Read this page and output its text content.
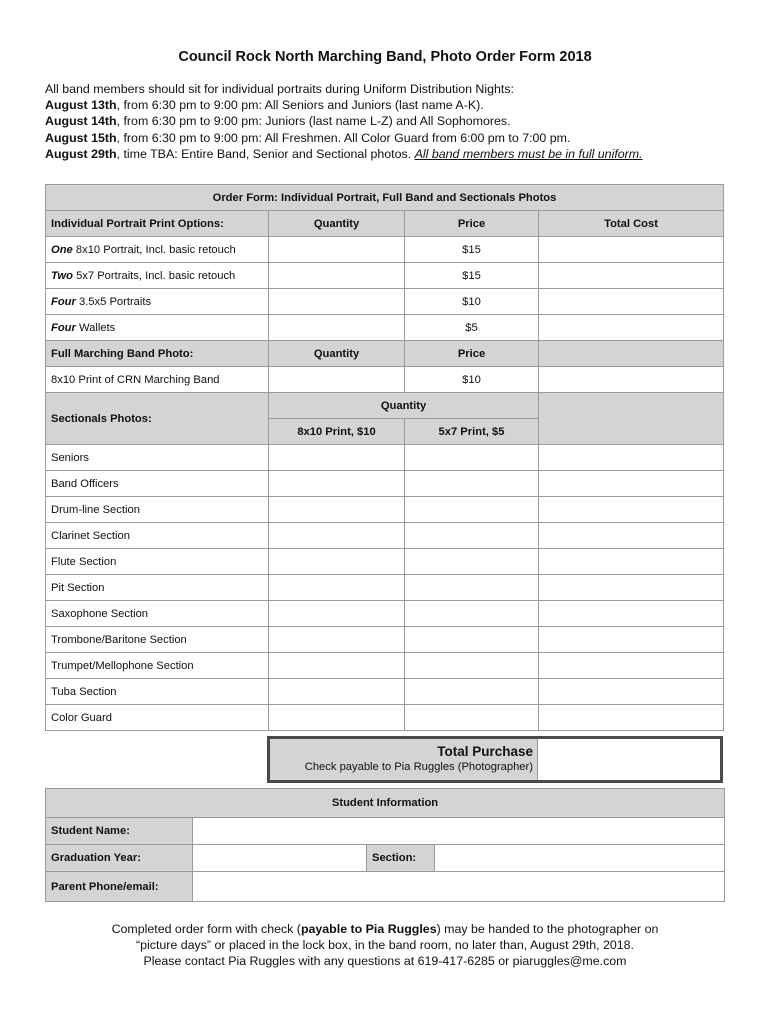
Council Rock North Marching Band, Photo Order Form 2018
All band members should sit for individual portraits during Uniform Distribution Nights:
August 13th, from 6:30 pm to 9:00 pm: All Seniors and Juniors (last name A-K).
August 14th, from 6:30 pm to 9:00 pm: Juniors (last name L-Z) and All Sophomores.
August 15th, from 6:30 pm to 9:00 pm: All Freshmen. All Color Guard from 6:00 pm to 7:00 pm.
August 29th, time TBA: Entire Band, Senior and Sectional photos. All band members must be in full uniform.
Order Form: Individual Portrait, Full Band and Sectionals Photos			
Individual Portrait Print Options:	Quantity	Price	Total Cost
One 8x10 Portrait, Incl. basic retouch		$15	
Two 5x7 Portraits, Incl. basic retouch		$15	
Four 3.5x5 Portraits		$10	
Four Wallets		$5	
Full Marching Band Photo:	Quantity	Price	
8x10 Print of CRN Marching Band		$10	
Sectionals Photos:	Quantity		
	8x10 Print, $10	5x7 Print, $5	
Seniors			
Band Officers			
Drum-line Section			
Clarinet Section			
Flute Section			
Pit Section			
Saxophone Section			
Trombone/Baritone Section			
Trumpet/Mellophone Section			
Tuba Section			
Color Guard			
Total Purchase
Check payable to Pia Ruggles (Photographer)
Student Information			
Student Name:			
Graduation Year:		Section:	
Parent Phone/email:			
Completed order form with check (payable to Pia Ruggles) may be handed to the photographer on
“picture days” or placed in the lock box, in the band room, no later than, August 29th, 2018.
Please contact Pia Ruggles with any questions at 619-417-6285 or piaruggles@me.com
